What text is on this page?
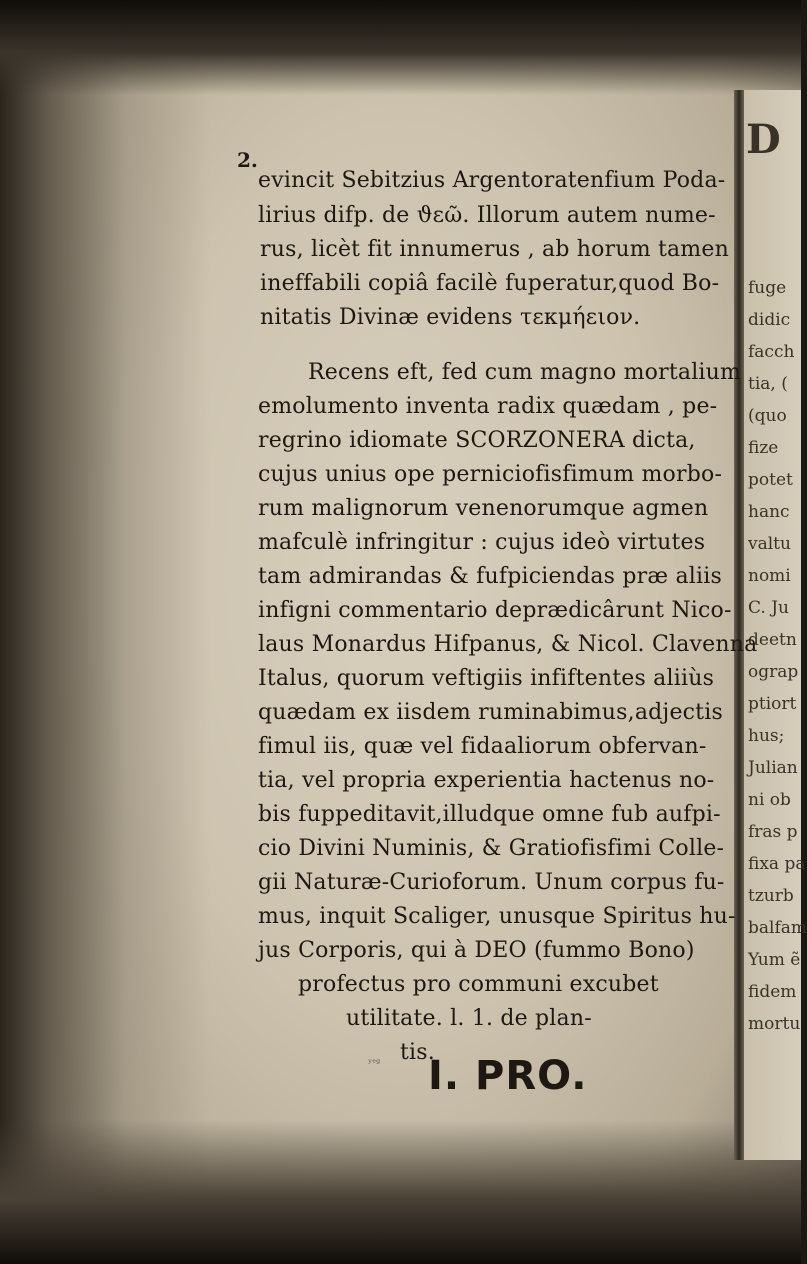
D
fuge
didic
facch
tia, (
(quo
fize
potet
hanc
valtu
nomi
C. Ju
deetn
ograp
ptiort
hus;
Julian
ni ob
fras p
fixa pa
tzurb
balfam
Yum ẽ
fidem
mortu
2.
evincit Sebitzius Argentoratenfium Poda-
lirius difp. de ϑεῶ. Illorum autem nume-
rus, licèt fit innumerus , ab horum tamen
ineffabili copiâ facilè fuperatur,quod Bo-
nitatis Divinæ evidens τεκμήειον.
Recens eft, fed cum magno mortalium
emolumento inventa radix quædam , pe-
regrino idiomate SCORZONERA dicta,
cujus unius ope perniciofisfimum morbo-
rum malignorum venenorumque agmen
mafculè infringitur : cujus ideò virtutes
tam admirandas & fufpiciendas præ aliis
infigni commentario deprædicârunt Nico-
laus Monardus Hifpanus, & Nicol. Clavenna
Italus, quorum veftigiis infiftentes aliiùs
quædam ex iisdem ruminabimus,adjectis
fimul iis, quæ vel fidaaliorum obfervan-
tia, vel propria experientia hactenus no-
bis fuppeditavit,illudque omne fub aufpi-
cio Divini Numinis, & Gratiofisfimi Colle-
gii Naturæ-Curioforum. Unum corpus fu-
mus, inquit Scaliger, unusque Spiritus hu-
jus Corporis, qui à DEO (fummo Bono)
profectus pro communi excubet
utilitate. l. 1. de plan-
tis.
ʸᵉᵍ I. PRO.
